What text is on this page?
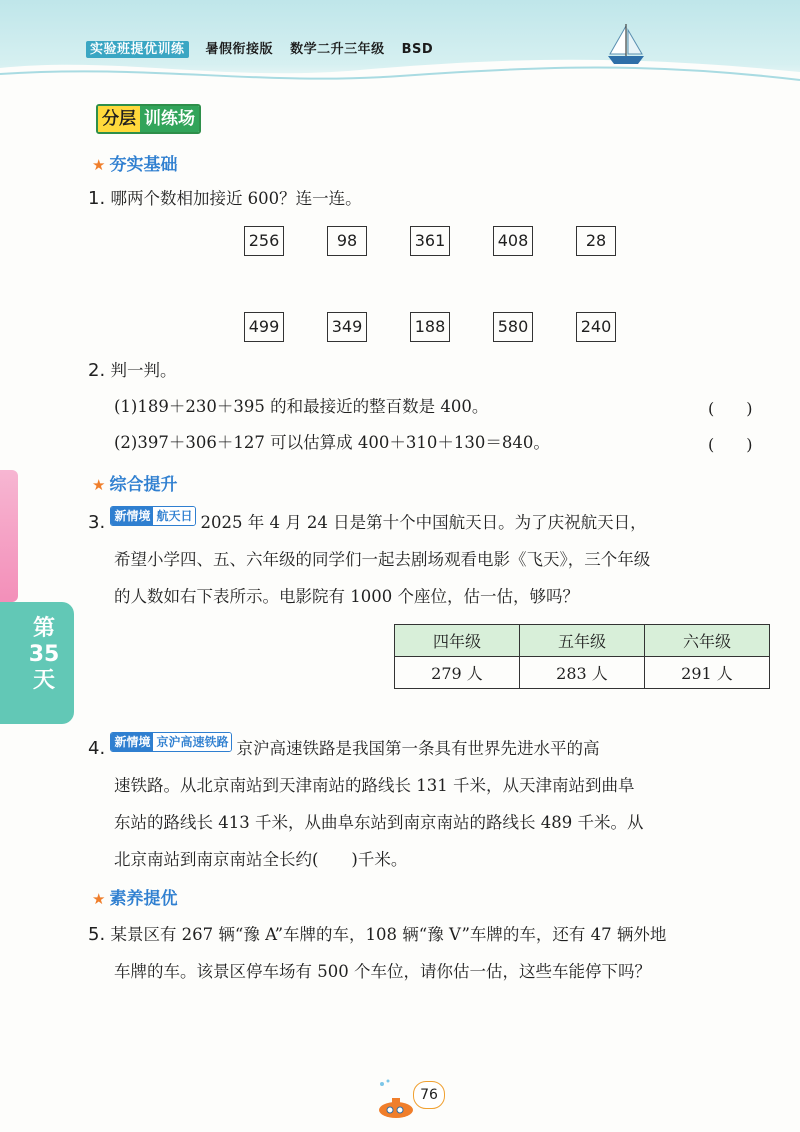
实验班提优训练 暑假衔接版 数学二升三年级 BSD
第35天
分层 训练场
★ 夯实基础
1. 哪两个数相加接近 600？连一连。
256	98	361	408	28
499	349	188	580	240
2. 判一判。
(1)189＋230＋395 的和最接近的整百数是 400。	(　　)
(2)397＋306＋127 可以估算成 400＋310＋130＝840。	(　　)
★ 综合提升
3. 新情境 航天日 2025 年 4 月 24 日是第十个中国航天日。为了庆祝航天日，
希望小学四、五、六年级的同学们一起去剧场观看电影《飞天》，三个年级
的人数如右下表所示。电影院有 1000 个座位，估一估，够吗？
四年级	五年级	六年级
279 人	283 人	291 人
4. 新情境 京沪高速铁路 京沪高速铁路是我国第一条具有世界先进水平的高
速铁路。从北京南站到天津南站的路线长 131 千米，从天津南站到曲阜
东站的路线长 413 千米，从曲阜东站到南京南站的路线长 489 千米。从
北京南站到南京南站全长约(　　)千米。
★ 素养提优
5. 某景区有 267 辆“豫 A”车牌的车，108 辆“豫 V”车牌的车，还有 47 辆外地
车牌的车。该景区停车场有 500 个车位，请你估一估，这些车能停下吗？
76
